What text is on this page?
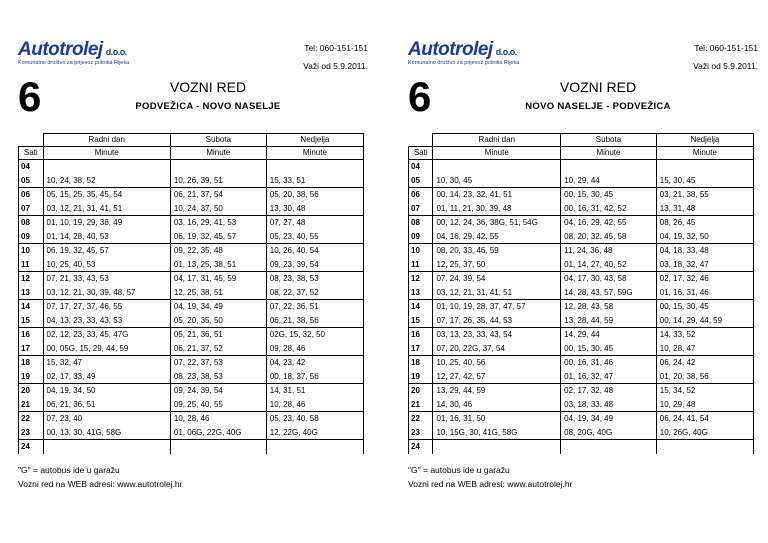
Autotrolej d.o.o.
Komunalno društvo za prijevoz putnika Rijeka
Tel: 060-151-151
Važi od 5.9.2011.
6	VOZNI RED
PODVEŽICA - NOVO NASELJE
	Radni dan	Subota	Nedjelja
Sati	Minute	Minute	Minute
04			
05	10, 24, 38, 52	10, 26, 39, 51	15, 33, 51
06	05, 15, 25, 35, 45, 54	06, 21, 37, 54	05, 20, 38, 56
07	03, 12, 21, 31, 41, 51	10, 24, 37, 50	13, 30, 48
08	01, 10, 19, 29, 38, 49	03, 16, 29, 41, 53	07, 27, 48
09	01, 14, 28, 40, 53	06, 19, 32, 45, 57	05, 23, 40, 55
10	06, 19, 32, 45, 57	09, 22, 35, 48	10, 26, 40, 54
11	10, 25, 40, 53	01, 13, 25, 38, 51	09, 23, 39, 54
12	07, 21, 33, 43, 53	04, 17, 31, 45, 59	08, 23, 38, 53
13	03, 12, 21, 30, 39, 48, 57	12, 25, 38, 51	08, 22, 37, 52
14	07, 17, 27, 37, 46, 55	04, 19, 34, 49	07, 22, 36, 51
15	04, 13, 23, 33, 43, 53	05, 20, 35, 50	06, 21, 38, 56
16	02, 12, 23, 33, 45, 47G	05, 21, 36, 51	02G, 15, 32, 50
17	00, 05G, 15, 29, 44, 59	06, 21, 37, 52	09, 28, 46
18	15, 32, 47	07, 22, 37, 53	04, 23, 42
19	02, 17, 33, 49	08, 23, 38, 53	00, 18, 37, 56
20	04, 19, 34, 50	09, 24, 39, 54	14, 31, 51
21	06, 21, 36, 51	09, 25, 40, 55	10, 28, 46
22	07, 23, 40	10, 28, 46	05, 23, 40, 58
23	00, 13, 30, 41G, 58G	01, 06G, 22G, 40G	12, 22G, 40G
24			
"G" = autobus ide u garažu
Vozni red na WEB adresi: www.autotrolej.hr
Autotrolej d.o.o.
Komunalno društvo za prijevoz putnika Rijeka
Tel: 060-151-151
Važi od 5.9.2011.
6	VOZNI RED
NOVO NASELJE - PODVEŽICA
	Radni dan	Subota	Nedjelja
Sati	Minute	Minute	Minute
04			
05	10, 30, 45	10, 29, 44	15, 30, 45
06	00, 14, 23, 32, 41, 51	00, 15, 30, 45	03, 21, 38, 55
07	01, 11, 21, 30, 39, 48	00, 16, 31, 42, 52	13, 31, 48
08	00, 12, 24, 36, 38G, 51, 54G	04, 16, 29, 42, 55	08, 26, 45
09	04, 16, 29, 42, 55	08, 20, 32, 45, 58	04, 19, 32, 50
10	08, 20, 33, 46, 59	11, 24, 36, 48	04, 18, 33, 48
11	12, 25, 37, 50	01, 14, 27, 40, 52	03, 18, 32, 47
12	07, 24, 39, 54	04, 17, 30, 43, 58	02, 17, 32, 46
13	03, 12, 21, 31, 41, 51	14, 28, 43, 57, 59G	01, 16, 31, 46
14	01, 10, 19, 28, 37, 47, 57	12, 28, 43, 58	00, 15, 30, 45
15	07, 17, 26, 35, 44, 53	13, 28, 44, 59	00, 14, 29, 44, 59
16	03, 13, 23, 33, 43, 54	14, 29, 44	14, 33, 52
17	07, 20, 22G, 37, 54	00, 15, 30, 45	10, 28, 47
18	10, 25, 40, 56	00, 16, 31, 46	06, 24, 42
19	12, 27, 42, 57	01, 16, 32, 47	01, 20, 38, 56
20	13, 29, 44, 59	02, 17, 32, 48	15, 34, 52
21	14, 30, 46	03, 18, 33, 48	10, 29, 48
22	01, 16, 31, 50	04, 19, 34, 49	06, 24, 41, 54
23	10, 15G, 30, 41G, 58G	08, 20G, 40G	10, 26G, 40G
24			
"G" = autobus ide u garažu
Vozni red na WEB adresi: www.autotrolej.hr
